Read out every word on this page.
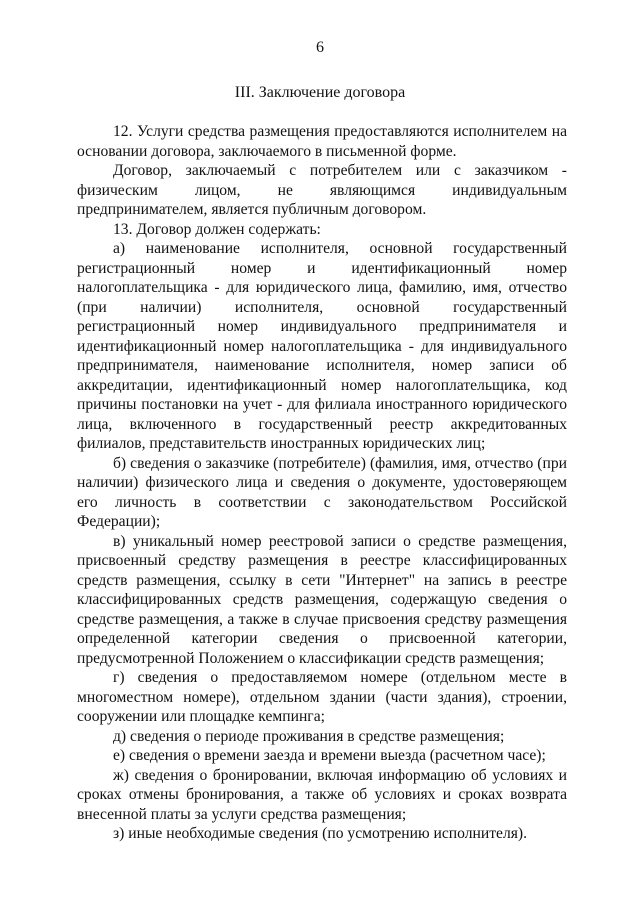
6
III. Заключение договора

12. Услуги средства размещения предоставляются исполнителем на основании договора, заключаемого в письменной форме.

Договор, заключаемый с потребителем или с заказчиком - физическим лицом, не являющимся индивидуальным предпринимателем, является публичным договором.

13. Договор должен содержать:

а) наименование исполнителя, основной государственный регистрационный номер и идентификационный номер налогоплательщика - для юридического лица, фамилию, имя, отчество (при наличии) исполнителя, основной государственный регистрационный номер индивидуального предпринимателя и идентификационный номер налогоплательщика - для индивидуального предпринимателя, наименование исполнителя, номер записи об аккредитации, идентификационный номер налогоплательщика, код причины постановки на учет - для филиала иностранного юридического лица, включенного в государственный реестр аккредитованных филиалов, представительств иностранных юридических лиц;

б) сведения о заказчике (потребителе) (фамилия, имя, отчество (при наличии) физического лица и сведения о документе, удостоверяющем его личность в соответствии с законодательством Российской Федерации);

в) уникальный номер реестровой записи о средстве размещения, присвоенный средству размещения в реестре классифицированных средств размещения, ссылку в сети "Интернет" на запись в реестре классифицированных средств размещения, содержащую сведения о средстве размещения, а также в случае присвоения средству размещения определенной категории сведения о присвоенной категории, предусмотренной Положением о классификации средств размещения;

г) сведения о предоставляемом номере (отдельном месте в многоместном номере), отдельном здании (части здания), строении, сооружении или площадке кемпинга;

д) сведения о периоде проживания в средстве размещения;

е) сведения о времени заезда и времени выезда (расчетном часе);

ж) сведения о бронировании, включая информацию об условиях и сроках отмены бронирования, а также об условиях и сроках возврата внесенной платы за услуги средства размещения;

з) иные необходимые сведения (по усмотрению исполнителя).
